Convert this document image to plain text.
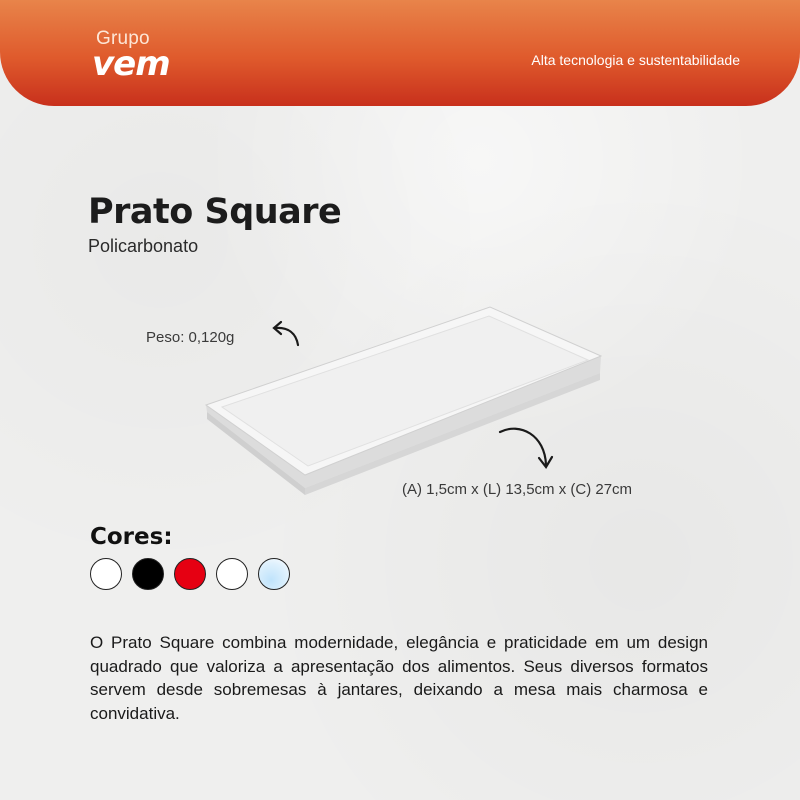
Grupo
vem	Alta tecnologia e sustentabilidade
Prato Square
Policarbonato
Peso: 0,120g
(A) 1,5cm x (L) 13,5cm x (C) 27cm
Cores:

O Prato Square combina modernidade, elegância e praticidade em um design quadrado que valoriza a apresentação dos alimentos. Seus diversos formatos servem desde sobremesas à jantares, deixando a mesa mais charmosa e convidativa.
